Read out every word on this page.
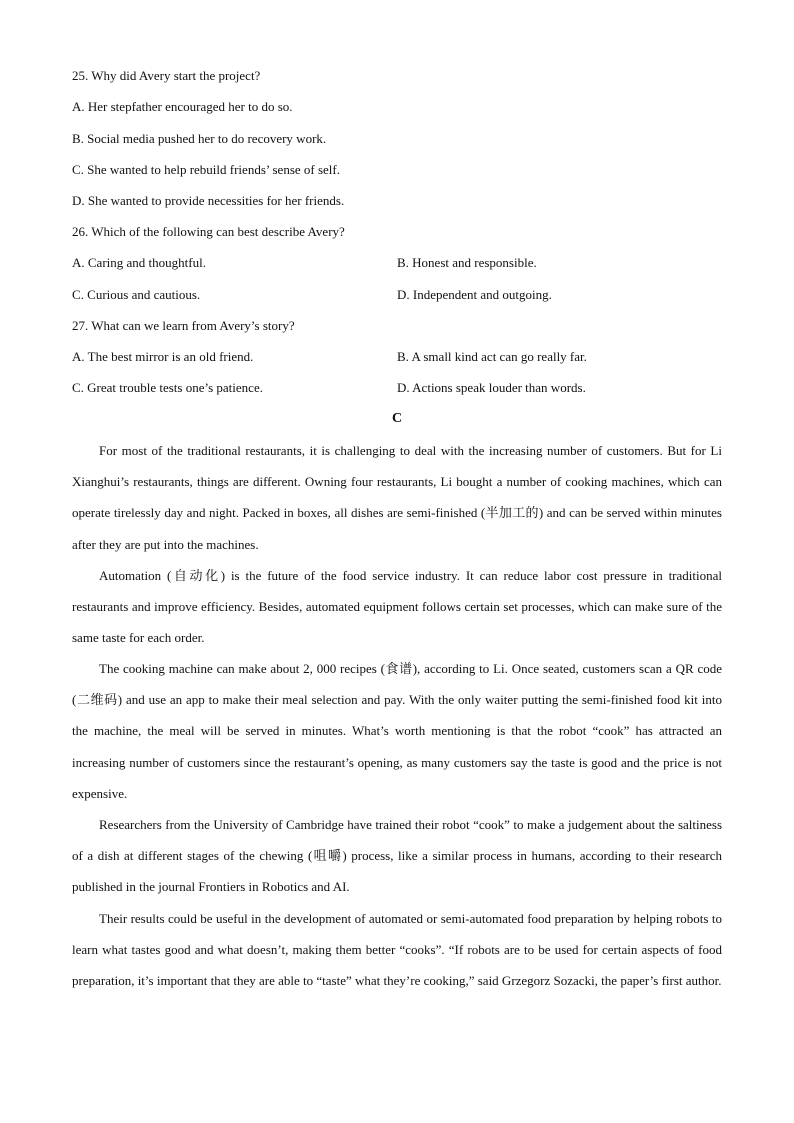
25. Why did Avery start the project?
A. Her stepfather encouraged her to do so.
B. Social media pushed her to do recovery work.
C. She wanted to help rebuild friends’ sense of self.
D. She wanted to provide necessities for her friends.
26. Which of the following can best describe Avery?
A. Caring and thoughtful.	B. Honest and responsible.
C. Curious and cautious.	D. Independent and outgoing.
27. What can we learn from Avery’s story?
A. The best mirror is an old friend.	B. A small kind act can go really far.
C. Great trouble tests one’s patience.	D. Actions speak louder than words.
C

For most of the traditional restaurants, it is challenging to deal with the increasing number of customers. But for Li Xianghui’s restaurants, things are different. Owning four restaurants, Li bought a number of cooking machines, which can operate tirelessly day and night. Packed in boxes, all dishes are semi-finished (半加工的) and can be served within minutes after they are put into the machines.

Automation (自动化) is the future of the food service industry. It can reduce labor cost pressure in traditional restaurants and improve efficiency. Besides, automated equipment follows certain set processes, which can make sure of the same taste for each order.

The cooking machine can make about 2, 000 recipes (食谱), according to Li. Once seated, customers scan a QR code (二维码) and use an app to make their meal selection and pay. With the only waiter putting the semi-finished food kit into the machine, the meal will be served in minutes. What’s worth mentioning is that the robot “cook” has attracted an increasing number of customers since the restaurant’s opening, as many customers say the taste is good and the price is not expensive.

Researchers from the University of Cambridge have trained their robot “cook” to make a judgement about the saltiness of a dish at different stages of the chewing (咀嚼) process, like a similar process in humans, according to their research published in the journal Frontiers in Robotics and AI.

Their results could be useful in the development of automated or semi-automated food preparation by helping robots to learn what tastes good and what doesn’t, making them better “cooks”. “If robots are to be used for certain aspects of food preparation, it’s important that they are able to “taste” what they’re cooking,” said Grzegorz Sozacki, the paper’s first author.
